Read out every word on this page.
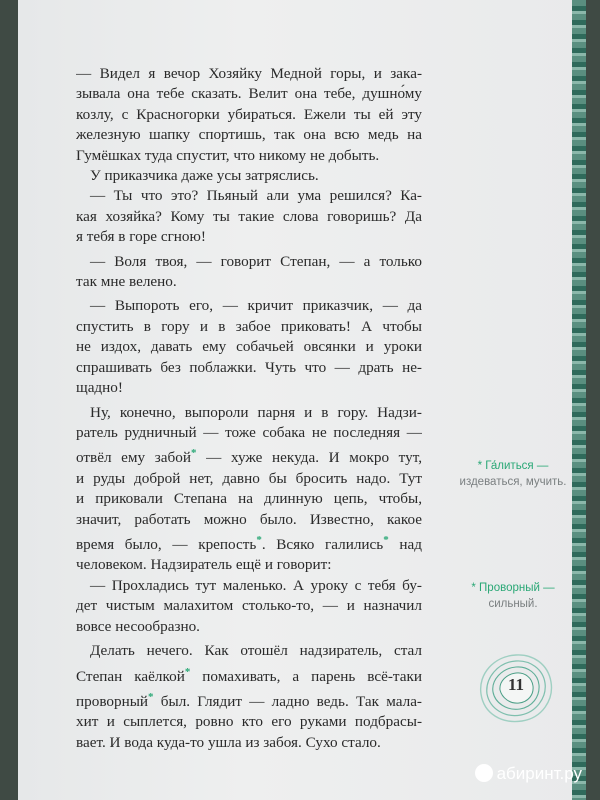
— Видел я вечор Хозяйку Медной горы, и зака-
зывала она тебе сказать. Велит она тебе, душно́му
козлу, с Красногорки убираться. Ежели ты ей эту
железную шапку спортишь, так она всю медь на
Гумёшках туда спустит, что никому не добыть.
У приказчика даже усы затряслись.
— Ты что это? Пьяный али ума решился? Ка-
кая хозяйка? Кому ты такие слова говоришь? Да
я тебя в горе сгною!
— Воля твоя, — говорит Степан, — а только
так мне велено.
— Выпороть его, — кричит приказчик, — да
спустить в гору и в забое приковать! А чтобы
не издох, давать ему собачьей овсянки и уроки
спрашивать без поблажки. Чуть что — драть не-
щадно!
Ну, конечно, выпороли парня и в гору. Надзи-
ратель рудничный — тоже собака не последняя —
отвёл ему забой* — хуже некуда. И мокро тут,
и руды доброй нет, давно бы бросить надо. Тут
и приковали Степана на длинную цепь, чтобы,
значит, работать можно было. Известно, какое
время было, — крепость*. Всяко галились* над
человеком. Надзиратель ещё и говорит:
— Прохладись тут маленько. А уроку с тебя бу-
дет чистым малахитом столько-то, — и назначил
вовсе несообразно.
Делать нечего. Как отошёл надзиратель, стал
Степан каёлкой* помахивать, а парень всё-таки
проворный* был. Глядит — ладно ведь. Так мала-
хит и сыплется, ровно кто его руками подбрасы-
вает. И вода куда-то ушла из забоя. Сухо стало.
* Га́литься —
издеваться, мучить.
* Проворный —
сильный.
11
абиринт.ру
